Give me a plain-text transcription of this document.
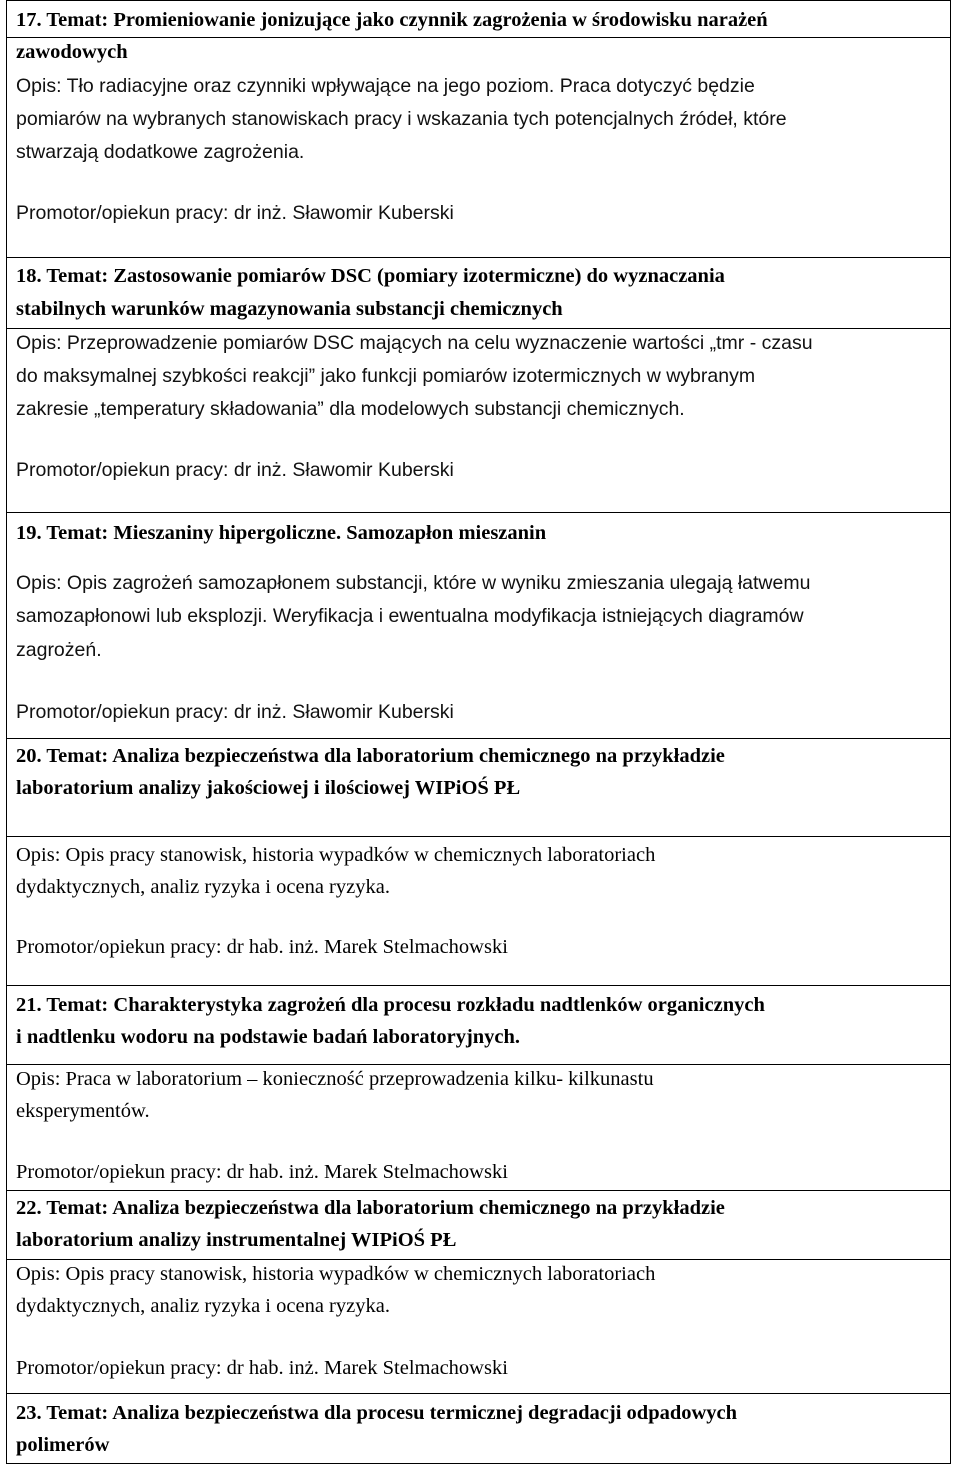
17. Temat: Promieniowanie jonizujące jako czynnik zagrożenia w środowisku narażeń
zawodowych
Opis: Tło radiacyjne oraz czynniki wpływające na jego poziom. Praca dotyczyć będzie
pomiarów na wybranych stanowiskach pracy i wskazania tych potencjalnych źródeł, które
stwarzają dodatkowe zagrożenia.
Promotor/opiekun pracy: dr inż. Sławomir Kuberski
18. Temat: Zastosowanie pomiarów DSC (pomiary izotermiczne) do wyznaczania
stabilnych warunków magazynowania substancji chemicznych
Opis: Przeprowadzenie pomiarów DSC mających na celu wyznaczenie wartości „tmr - czasu
do maksymalnej szybkości reakcji” jako funkcji pomiarów izotermicznych w wybranym
zakresie „temperatury składowania” dla modelowych substancji chemicznych.
Promotor/opiekun pracy: dr inż. Sławomir Kuberski
19. Temat: Mieszaniny hipergoliczne. Samozapłon mieszanin
Opis: Opis zagrożeń samozapłonem substancji, które w wyniku zmieszania ulegają łatwemu
samozapłonowi lub eksplozji. Weryfikacja i ewentualna modyfikacja istniejących diagramów
zagrożeń.
Promotor/opiekun pracy: dr inż. Sławomir Kuberski
20. Temat: Analiza bezpieczeństwa dla laboratorium chemicznego na przykładzie
laboratorium analizy jakościowej i ilościowej WIPiOŚ PŁ
Opis: Opis pracy stanowisk, historia wypadków w chemicznych laboratoriach
dydaktycznych, analiz ryzyka i ocena ryzyka.
Promotor/opiekun pracy: dr hab. inż. Marek Stelmachowski
21. Temat: Charakterystyka zagrożeń dla procesu rozkładu nadtlenków organicznych
i nadtlenku wodoru na podstawie badań laboratoryjnych.
Opis: Praca w laboratorium – konieczność przeprowadzenia kilku- kilkunastu
eksperymentów.
Promotor/opiekun pracy: dr hab. inż. Marek Stelmachowski
22. Temat: Analiza bezpieczeństwa dla laboratorium chemicznego na przykładzie
laboratorium analizy instrumentalnej WIPiOŚ PŁ
Opis: Opis pracy stanowisk, historia wypadków w chemicznych laboratoriach
dydaktycznych, analiz ryzyka i ocena ryzyka.
Promotor/opiekun pracy: dr hab. inż. Marek Stelmachowski
23. Temat: Analiza bezpieczeństwa dla procesu termicznej degradacji odpadowych
polimerów
